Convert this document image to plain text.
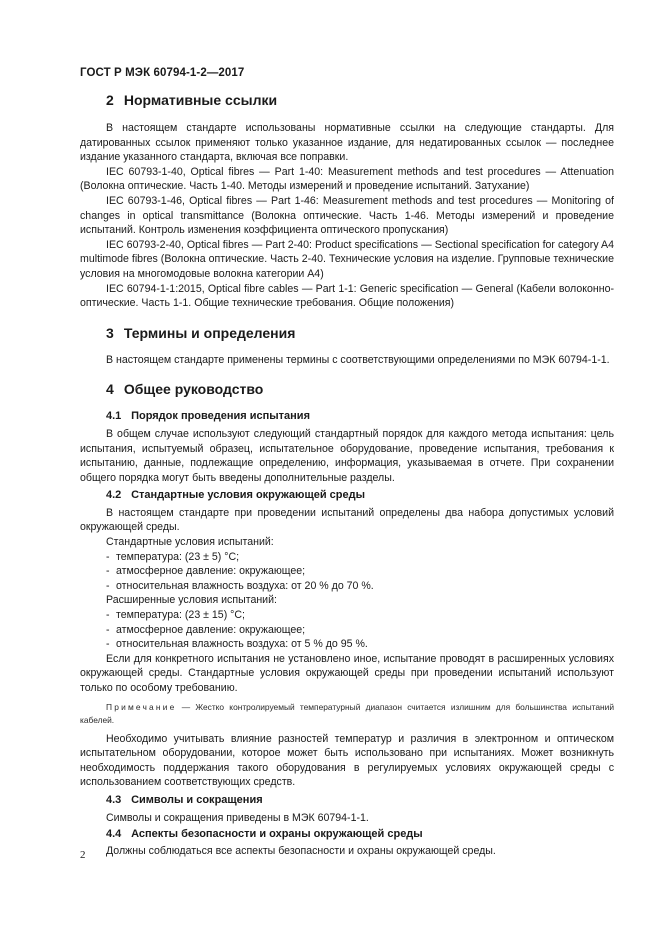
ГОСТ Р МЭК 60794-1-2—2017
2 Нормативные ссылки

В настоящем стандарте использованы нормативные ссылки на следующие стандарты. Для датированных ссылок применяют только указанное издание, для недатированных ссылок — последнее издание указанного стандарта, включая все поправки.

IEC 60793-1-40, Optical fibres — Part 1-40: Measurement methods and test procedures — Attenuation (Волокна оптические. Часть 1-40. Методы измерений и проведение испытаний. Затухание)

IEC 60793-1-46, Optical fibres — Part 1-46: Measurement methods and test procedures — Monitoring of changes in optical transmittance (Волокна оптические. Часть 1-46. Методы измерений и проведение испытаний. Контроль изменения коэффициента оптического пропускания)

IEC 60793-2-40, Optical fibres — Part 2-40: Product specifications — Sectional specification for category A4 multimode fibres (Волокна оптические. Часть 2-40. Технические условия на изделие. Групповые технические условия на многомодовые волокна категории А4)

IEC 60794-1-1:2015, Optical fibre cables — Part 1-1: Generic specification — General (Кабели волоконно-оптические. Часть 1-1. Общие технические требования. Общие положения)

3 Термины и определения

В настоящем стандарте применены термины с соответствующими определениями по МЭК 60794-1-1.

4 Общее руководство
4.1 Порядок проведения испытания

В общем случае используют следующий стандартный порядок для каждого метода испытания: цель испытания, испытуемый образец, испытательное оборудование, проведение испытания, требования к испытанию, данные, подлежащие определению, информация, указываемая в отчете. При сохранении общего порядка могут быть введены дополнительные разделы.

4.2 Стандартные условия окружающей среды

В настоящем стандарте при проведении испытаний определены два набора допустимых условий окружающей среды.

Стандартные условия испытаний:

- температура: (23 ± 5) °С;
- атмосферное давление: окружающее;
- относительная влажность воздуха: от 20 % до 70 %.

Расширенные условия испытаний:

- температура: (23 ± 15) °С;
- атмосферное давление: окружающее;
- относительная влажность воздуха: от 5 % до 95 %.

Если для конкретного испытания не установлено иное, испытание проводят в расширенных условиях окружающей среды. Стандартные условия окружающей среды при проведении испытаний используют только по особому требованию.

Примечание — Жестко контролируемый температурный диапазон считается излишним для большинства испытаний кабелей.

Необходимо учитывать влияние разностей температур и различия в электронном и оптическом испытательном оборудовании, которое может быть использовано при испытаниях. Может возникнуть необходимость поддержания такого оборудования в регулируемых условиях окружающей среды с использованием соответствующих средств.

4.3 Символы и сокращения

Символы и сокращения приведены в МЭК 60794-1-1.

4.4 Аспекты безопасности и охраны окружающей среды

Должны соблюдаться все аспекты безопасности и охраны окружающей среды.

2
